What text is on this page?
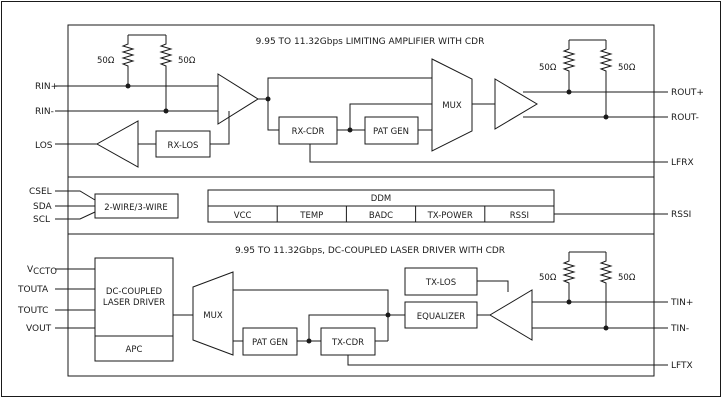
9.95 TO 11.32Gbps LIMITING AMPLIFIER WITH CDR
50Ω	50Ω
RIN+
RIN-
LOS
RX-CDR	PAT GEN
MUX
ROUT+
ROUT-
50Ω	50Ω
LFRX
RX-LOS
CSEL
SDA
SCL
2-WIRE/3-WIRE
DDM
VCC	TEMP	BADC	TX-POWER	RSSI	RSSI
9.95 TO 11.32Gbps, DC-COUPLED LASER DRIVER WITH CDR
VCCTO
TOUTA
TOUTC
VOUT
DC-COUPLED
LASER DRIVER
APC
MUX
PAT GEN	TX-CDR
LFTX
EQUALIZER
TX-LOS
TIN+
TIN-
50Ω	50Ω
